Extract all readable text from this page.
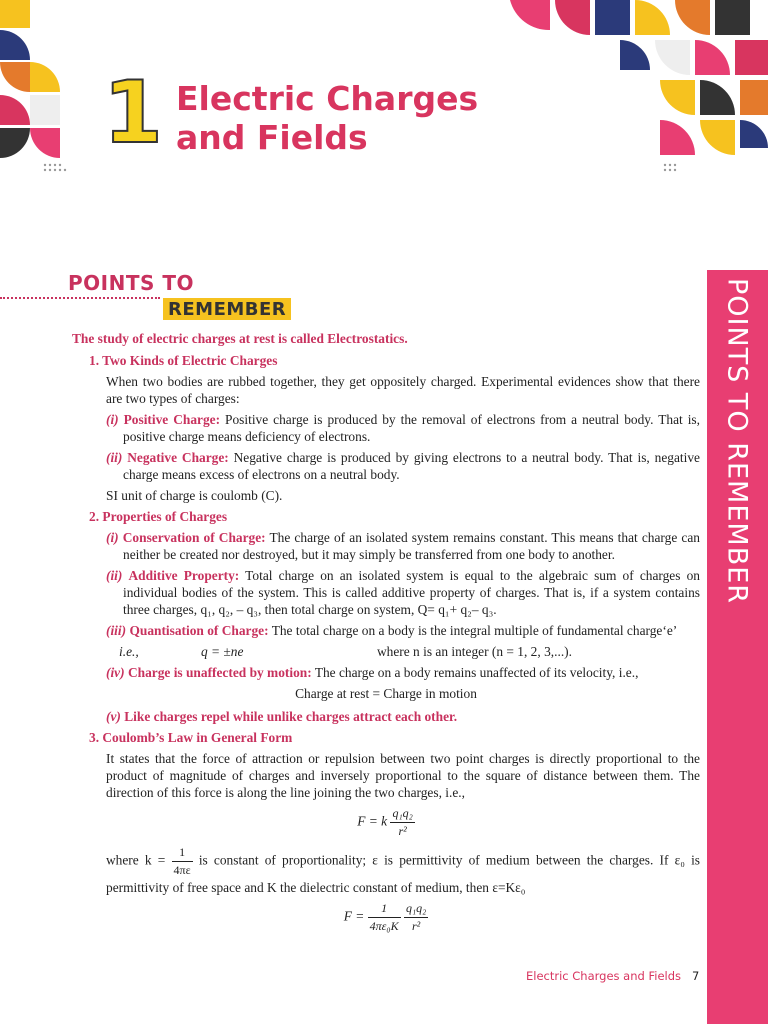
1 Electric Charges and Fields
POINTS TO
REMEMBER	POINTS TO REMEMBER
The study of electric charges at rest is called Electrostatics.
1. Two Kinds of Electric Charges
When two bodies are rubbed together, they get oppositely charged. Experimental evidences show that there are two types of charges:
(i) Positive Charge: Positive charge is produced by the removal of electrons from a neutral body. That is, positive charge means deficiency of electrons.
(ii) Negative Charge: Negative charge is produced by giving electrons to a neutral body. That is, negative charge means excess of electrons on a neutral body.
SI unit of charge is coulomb (C).
2. Properties of Charges
(i) Conservation of Charge: The charge of an isolated system remains constant. This means that charge can neither be created nor destroyed, but it may simply be transferred from one body to another.
(ii) Additive Property: Total charge on an isolated system is equal to the algebraic sum of charges on individual bodies of the system. This is called additive property of charges. That is, if a system contains three charges, q₁, q₂, – q₃, then total charge on system, Q= q₁+ q₂– q₃.
(iii) Quantisation of Charge: The total charge on a body is the integral multiple of fundamental charge‘e’
i.e.,	q = ±ne	where n is an integer (n = 1, 2, 3,...).
(iv) Charge is unaffected by motion: The charge on a body remains unaffected of its velocity, i.e.,
Charge at rest = Charge in motion
(v) Like charges repel while unlike charges attract each other.
3. Coulomb’s Law in General Form
It states that the force of attraction or repulsion between two point charges is directly proportional to the product of magnitude of charges and inversely proportional to the square of distance between them. The direction of this force is along the line joining the two charges, i.e.,
F = k $\frac{\text{q₁q₂}}{\text{r²}}$
where $k = \frac{1}{4\pi\varepsilon}$ is constant of proportionality; ε is permittivity of medium between the charges. If ε₀ is permittivity of free space and K the dielectric constant of medium, then ε=Kε₀
$F = \frac{1}{\text{4πε₀K}}$
$\frac{\text{q₁q₂}}{\text{r²}}$
Electric Charges and Fields 7
